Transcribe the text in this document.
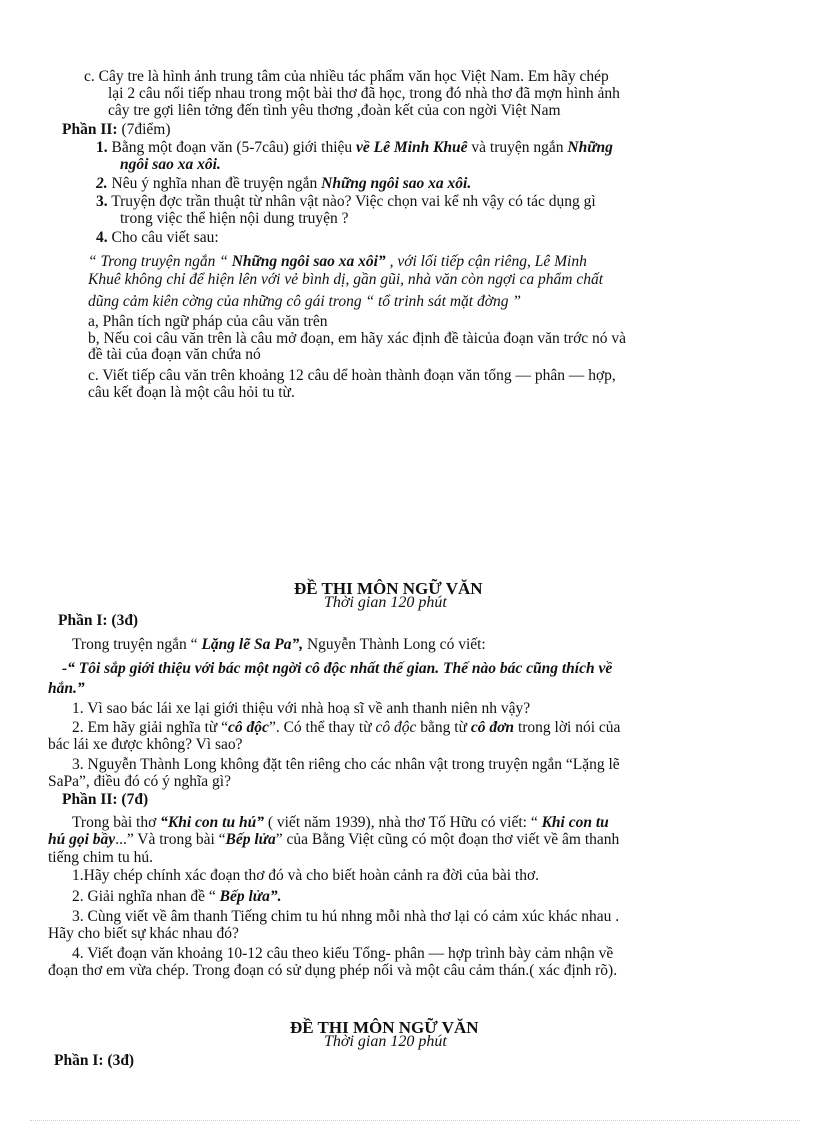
c. Cây tre là hình ảnh trung tâm của nhiều tác phẩm văn học Việt Nam. Em hãy chép
lại 2 câu nối tiếp nhau trong một bài thơ đã học, trong đó nhà thơ đã mợn hình ảnh
cây tre gợi liên tởng đến tình yêu thơng ,đoàn kết của con ngời Việt Nam
Phần II: (7điểm)
1. Bằng một đoạn văn (5-7câu) giới thiệu về Lê Minh Khuê và truyện ngắn Những
ngôi sao xa xôi.
2. Nêu ý nghĩa nhan đề truyện ngắn Những ngôi sao xa xôi.
3. Truyện đợc trần thuật từ nhân vật nào? Việc chọn vai kể nh vậy có tác dụng gì
trong việc thể hiện nội dung truyện ?
4. Cho câu viết sau:
“ Trong truyện ngắn “ Những ngôi sao xa xôi” , với lối tiếp cận riêng, Lê Minh
Khuê không chỉ để hiện lên với vẻ bình dị, gần gũi, nhà văn còn ngợi ca phẩm chất
dũng cảm kiên cờng của những cô gái trong “ tổ trinh sát mặt đờng ”
a, Phân tích ngữ pháp của câu văn trên
b, Nếu coi câu văn trên là câu mở đoạn, em hãy xác định đề tàicủa đoạn văn trớc nó và
đề tài của đoạn văn chứa nó
c. Viết tiếp câu văn trên khoảng 12 câu dể hoàn thành đoạn văn tổng — phân — hợp,
câu kết đoạn là một câu hỏi tu từ.
ĐỀ THI MÔN NGỮ VĂN
Thời gian 120 phút
Phần I: (3đ)
Trong truyện ngắn “ Lặng lẽ Sa Pa”, Nguyễn Thành Long có viết:
-“ Tôi sắp giới thiệu với bác một ngời cô độc nhất thế gian. Thế nào bác cũng thích về
hắn.”
1. Vì sao bác lái xe lại giới thiệu với nhà hoạ sĩ về anh thanh niên nh vậy?
2. Em hãy giải nghĩa từ “cô độc”. Có thể thay từ cô độc bằng từ cô đơn trong lời nói của
bác lái xe được không? Vì sao?
3. Nguyễn Thành Long không đặt tên riêng cho các nhân vật trong truyện ngắn “Lặng lẽ
SaPa”, điều đó có ý nghĩa gì?
Phần II: (7đ)
Trong bài thơ “Khi con tu hú” ( viết năm 1939), nhà thơ Tố Hữu có viết: “ Khi con tu
hú gọi bầy...” Và trong bài “Bếp lửa” của Bằng Việt cũng có một đoạn thơ viết về âm thanh
tiếng chim tu hú.
1.Hãy chép chính xác đoạn thơ đó và cho biết hoàn cảnh ra đời của bài thơ.
2. Giải nghĩa nhan đề “ Bếp lửa”.
3. Cùng viết về âm thanh Tiếng chim tu hú nhng mỗi nhà thơ lại có cảm xúc khác nhau .
Hãy cho biết sự khác nhau đó?
4. Viết đoạn văn khoảng 10-12 câu theo kiểu Tổng- phân — hợp trình bày cảm nhận về
đoạn thơ em vừa chép. Trong đoạn có sử dụng phép nối và một câu cảm thán.( xác định rõ).
ĐỀ THI MÔN NGỮ VĂN
Thời gian 120 phút
Phần I: (3đ)
